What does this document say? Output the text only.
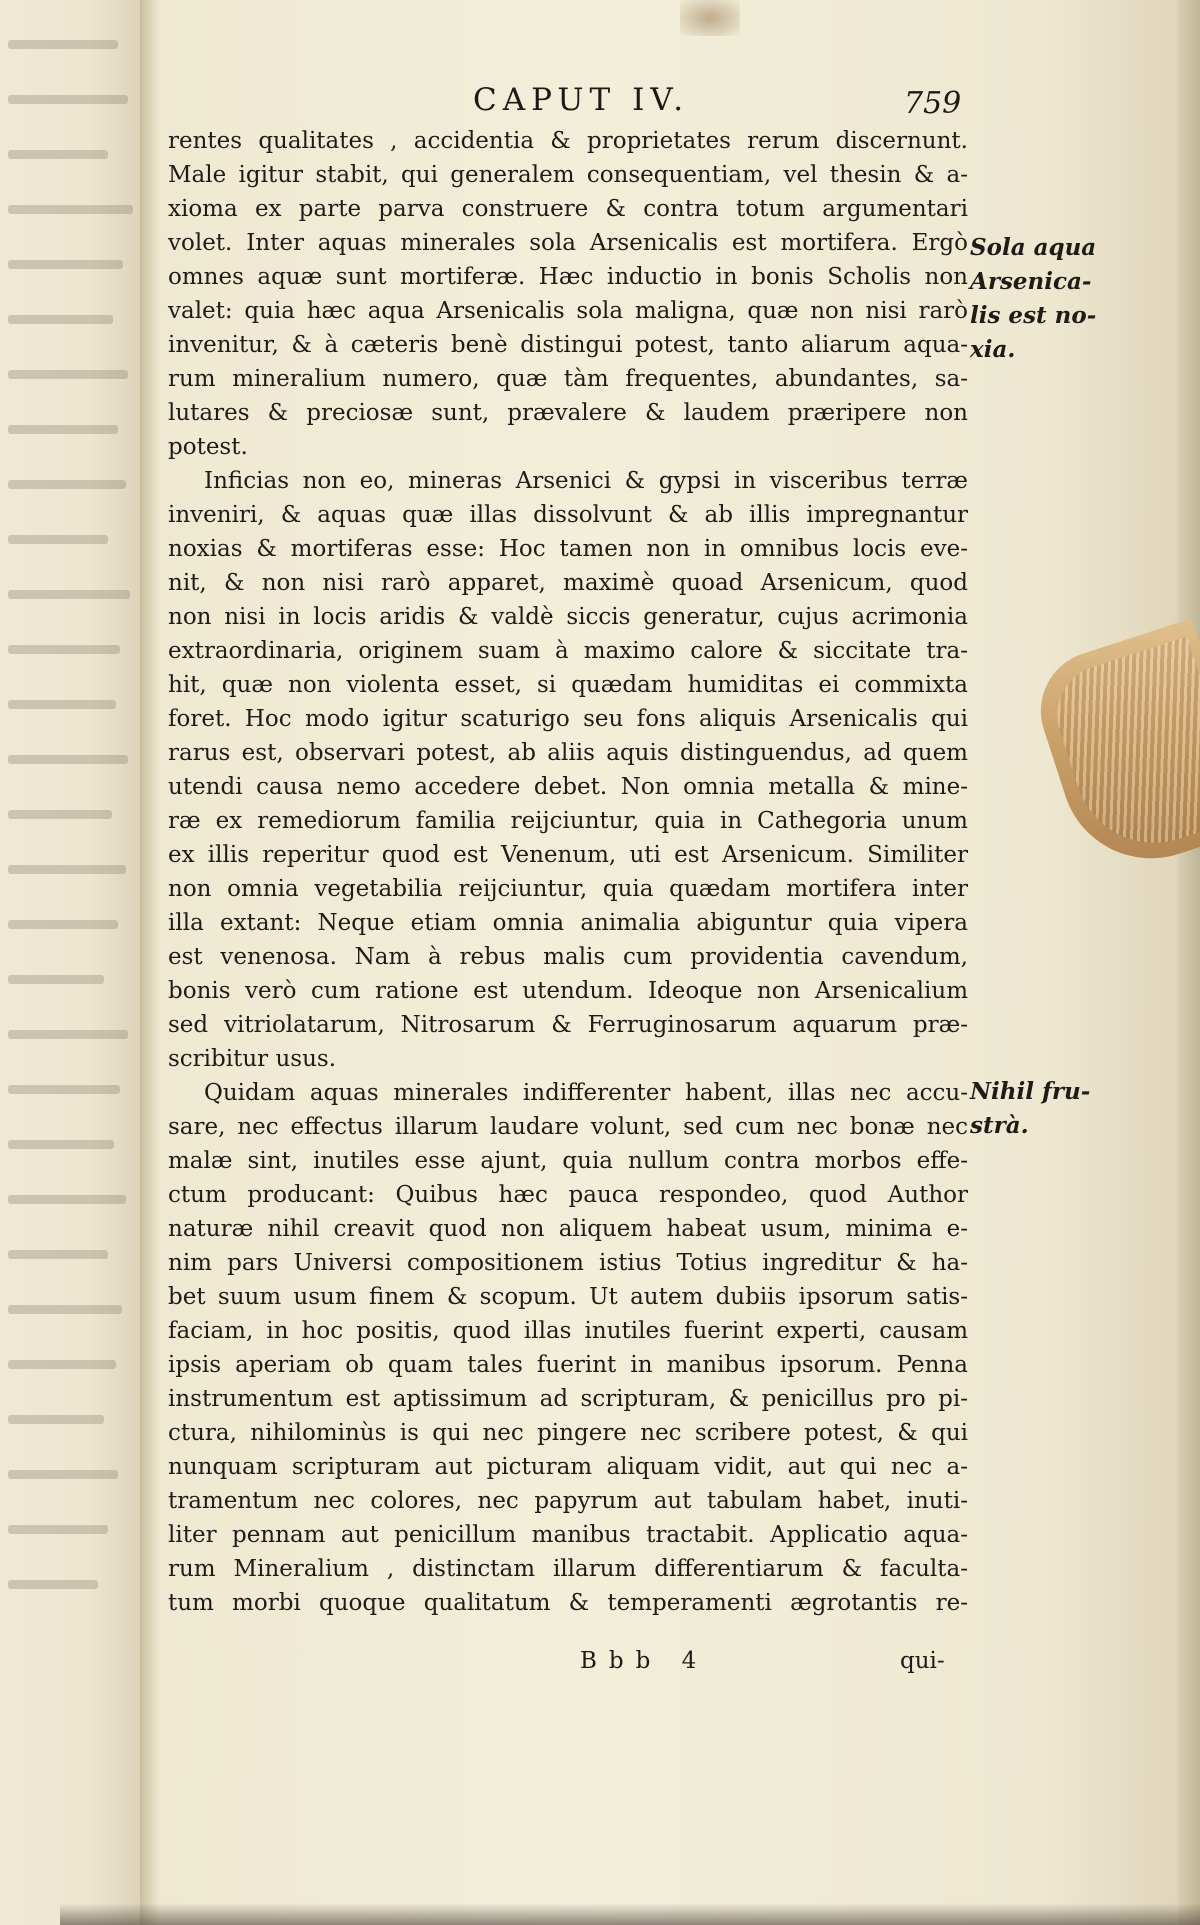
CAPUT IV.	759
rentes qualitates , accidentia & proprietates rerum discernunt.
Male igitur stabit, qui generalem consequentiam, vel thesin & a-
xioma ex parte parva construere & contra totum argumentari
volet. Inter aquas minerales sola Arsenicalis est mortifera. Ergò
omnes aquæ sunt mortiferæ. Hæc inductio in bonis Scholis non
valet: quia hæc aqua Arsenicalis sola maligna, quæ non nisi rarò
invenitur, & à cæteris benè distingui potest, tanto aliarum aqua-
rum mineralium numero, quæ tàm frequentes, abundantes, sa-
lutares & preciosæ sunt, prævalere & laudem præripere non
potest.
Inficias non eo, mineras Arsenici & gypsi in visceribus terræ
inveniri, & aquas quæ illas dissolvunt & ab illis impregnantur
noxias & mortiferas esse: Hoc tamen non in omnibus locis eve-
nit, & non nisi rarò apparet, maximè quoad Arsenicum, quod
non nisi in locis aridis & valdè siccis generatur, cujus acrimonia
extraordinaria, originem suam à maximo calore & siccitate tra-
hit, quæ non violenta esset, si quædam humiditas ei commixta
foret. Hoc modo igitur scaturigo seu fons aliquis Arsenicalis qui
rarus est, observari potest, ab aliis aquis distinguendus, ad quem
utendi causa nemo accedere debet. Non omnia metalla & mine-
ræ ex remediorum familia reijciuntur, quia in Cathegoria unum
ex illis reperitur quod est Venenum, uti est Arsenicum. Similiter
non omnia vegetabilia reijciuntur, quia quædam mortifera inter
illa extant: Neque etiam omnia animalia abiguntur quia vipera
est venenosa. Nam à rebus malis cum providentia cavendum,
bonis verò cum ratione est utendum. Ideoque non Arsenicalium
sed vitriolatarum, Nitrosarum & Ferruginosarum aquarum præ-
scribitur usus.
Quidam aquas minerales indifferenter habent, illas nec accu-
sare, nec effectus illarum laudare volunt, sed cum nec bonæ nec
malæ sint, inutiles esse ajunt, quia nullum contra morbos effe-
ctum producant: Quibus hæc pauca respondeo, quod Author
naturæ nihil creavit quod non aliquem habeat usum, minima e-
nim pars Universi compositionem istius Totius ingreditur & ha-
bet suum usum finem & scopum. Ut autem dubiis ipsorum satis-
faciam, in hoc positis, quod illas inutiles fuerint experti, causam
ipsis aperiam ob quam tales fuerint in manibus ipsorum. Penna
instrumentum est aptissimum ad scripturam, & penicillus pro pi-
ctura, nihilominùs is qui nec pingere nec scribere potest, & qui
nunquam scripturam aut picturam aliquam vidit, aut qui nec a-
tramentum nec colores, nec papyrum aut tabulam habet, inuti-
liter pennam aut penicillum manibus tractabit. Applicatio aqua-
rum Mineralium , distinctam illarum differentiarum & faculta-
tum morbi quoque qualitatum & temperamenti ægrotantis re-
Sola aqua
Arsenica-
lis est no-
xia.
Nihil fru-
strà.
Bbb 4	qui-
